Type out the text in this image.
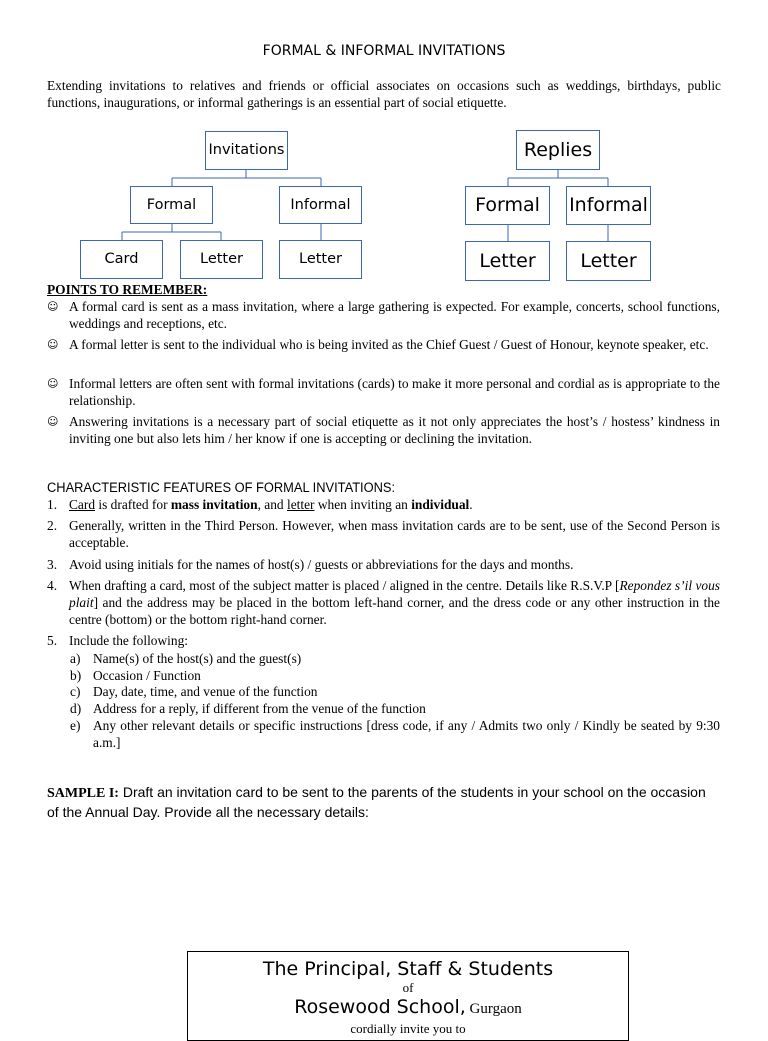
FORMAL & INFORMAL INVITATIONS
Extending invitations to relatives and friends or official associates on occasions such as weddings, birthdays, public functions, inaugurations, or informal gatherings is an essential part of social etiquette.
Invitations
Formal	Informal
Card	Letter	Letter
Replies
Formal	Informal
Letter	Letter
POINTS TO REMEMBER:
☺ A formal card is sent as a mass invitation, where a large gathering is expected. For example, concerts, school functions, weddings and receptions, etc.
☺ A formal letter is sent to the individual who is being invited as the Chief Guest / Guest of Honour, keynote speaker, etc.
☺ Informal letters are often sent with formal invitations (cards) to make it more personal and cordial as is appropriate to the relationship.
☺ Answering invitations is a necessary part of social etiquette as it not only appreciates the host’s / hostess’ kindness in inviting one but also lets him / her know if one is accepting or declining the invitation.
CHARACTERISTIC FEATURES OF FORMAL INVITATIONS:
1. Card is drafted for mass invitation, and letter when inviting an individual.
2. Generally, written in the Third Person. However, when mass invitation cards are to be sent, use of the Second Person is acceptable.
3. Avoid using initials for the names of host(s) / guests or abbreviations for the days and months.
4. When drafting a card, most of the subject matter is placed / aligned in the centre. Details like R.S.V.P [Repondez s’il vous plait] and the address may be placed in the bottom left-hand corner, and the dress code or any other instruction in the centre (bottom) or the bottom right-hand corner.
5. Include the following:
a) Name(s) of the host(s) and the guest(s)
b) Occasion / Function
c) Day, date, time, and venue of the function
d) Address for a reply, if different from the venue of the function
e) Any other relevant details or specific instructions [dress code, if any / Admits two only / Kindly be seated by 9:30 a.m.]
SAMPLE I: Draft an invitation card to be sent to the parents of the students in your school on the occasion of the Annual Day. Provide all the necessary details:
The Principal, Staff & Students
of
Rosewood School, Gurgaon
cordially invite you to
